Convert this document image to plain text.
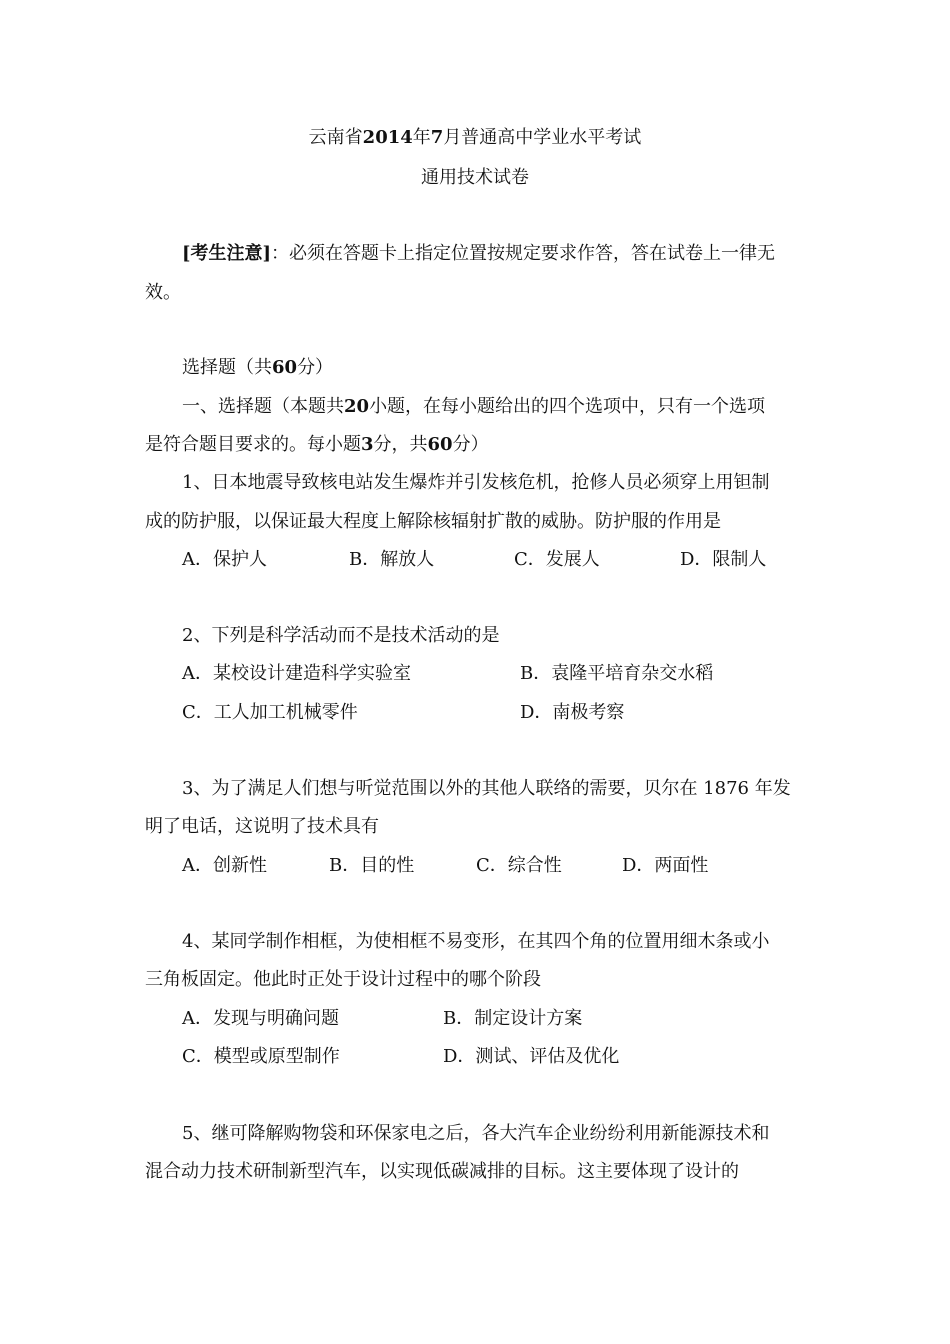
云南省2014年7月普通高中学业水平考试
通用技术试卷
[考生注意]：必须在答题卡上指定位置按规定要求作答，答在试卷上一律无
效。
选择题（共60分）
一、选择题（本题共20小题，在每小题给出的四个选项中，只有一个选项
是符合题目要求的。每小题3分，共60分）
1、日本地震导致核电站发生爆炸并引发核危机，抢修人员必须穿上用钽制
成的防护服，以保证最大程度上解除核辐射扩散的威胁。防护服的作用是
A．保护人	B．解放人	C．发展人	D．限制人
2、下列是科学活动而不是技术活动的是
A．某校设计建造科学实验室	B．袁隆平培育杂交水稻
C．工人加工机械零件	D．南极考察
3、为了满足人们想与听觉范围以外的其他人联络的需要，贝尔在 1876 年发
明了电话，这说明了技术具有
A．创新性	B．目的性	C．综合性	D．两面性
4、某同学制作相框，为使相框不易变形，在其四个角的位置用细木条或小
三角板固定。他此时正处于设计过程中的哪个阶段
A．发现与明确问题	B．制定设计方案
C．模型或原型制作	D．测试、评估及优化
5、继可降解购物袋和环保家电之后，各大汽车企业纷纷利用新能源技术和
混合动力技术研制新型汽车，以实现低碳减排的目标。这主要体现了设计的
